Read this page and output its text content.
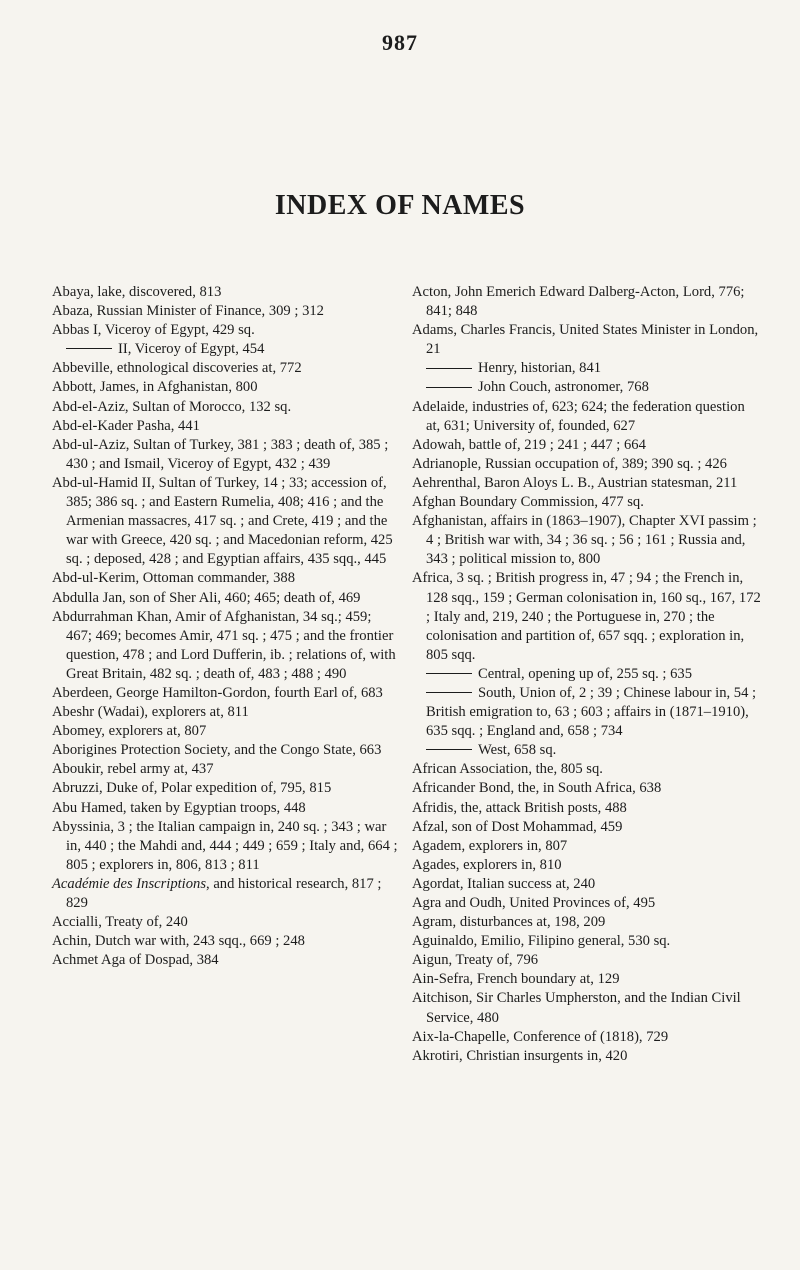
987
INDEX OF NAMES

Abaya, lake, discovered, 813

Abaza, Russian Minister of Finance, 309 ; 312

Abbas I, Viceroy of Egypt, 429 sq.

II, Viceroy of Egypt, 454

Abbeville, ethnological discoveries at, 772

Abbott, James, in Afghanistan, 800

Abd-el-Aziz, Sultan of Morocco, 132 sq.

Abd-el-Kader Pasha, 441

Abd-ul-Aziz, Sultan of Turkey, 381 ; 383 ; death of, 385 ; 430 ; and Ismail, Viceroy of Egypt, 432 ; 439

Abd-ul-Hamid II, Sultan of Turkey, 14 ; 33; accession of, 385; 386 sq. ; and Eastern Rumelia, 408; 416 ; and the Armenian massacres, 417 sq. ; and Crete, 419 ; and the war with Greece, 420 sq. ; and Macedonian reform, 425 sq. ; deposed, 428 ; and Egyptian affairs, 435 sqq., 445

Abd-ul-Kerim, Ottoman commander, 388

Abdulla Jan, son of Sher Ali, 460; 465; death of, 469

Abdurrahman Khan, Amir of Afghanistan, 34 sq.; 459; 467; 469; becomes Amir, 471 sq. ; 475 ; and the frontier question, 478 ; and Lord Dufferin, ib. ; relations of, with Great Britain, 482 sq. ; death of, 483 ; 488 ; 490

Aberdeen, George Hamilton-Gordon, fourth Earl of, 683

Abeshr (Wadai), explorers at, 811

Abomey, explorers at, 807

Aborigines Protection Society, and the Congo State, 663

Aboukir, rebel army at, 437

Abruzzi, Duke of, Polar expedition of, 795, 815

Abu Hamed, taken by Egyptian troops, 448

Abyssinia, 3 ; the Italian campaign in, 240 sq. ; 343 ; war in, 440 ; the Mahdi and, 444 ; 449 ; 659 ; Italy and, 664 ; 805 ; explorers in, 806, 813 ; 811

Académie des Inscriptions, and historical research, 817 ; 829

Accialli, Treaty of, 240

Achin, Dutch war with, 243 sqq., 669 ; 248

Achmet Aga of Dospad, 384

Acton, John Emerich Edward Dalberg-Acton, Lord, 776; 841; 848

Adams, Charles Francis, United States Minister in London, 21

Henry, historian, 841

John Couch, astronomer, 768

Adelaide, industries of, 623; 624; the federation question at, 631; University of, founded, 627

Adowah, battle of, 219 ; 241 ; 447 ; 664

Adrianople, Russian occupation of, 389; 390 sq. ; 426

Aehrenthal, Baron Aloys L. B., Austrian statesman, 211

Afghan Boundary Commission, 477 sq.

Afghanistan, affairs in (1863–1907), Chapter XVI passim ; 4 ; British war with, 34 ; 36 sq. ; 56 ; 161 ; Russia and, 343 ; political mission to, 800

Africa, 3 sq. ; British progress in, 47 ; 94 ; the French in, 128 sqq., 159 ; German colonisation in, 160 sq., 167, 172 ; Italy and, 219, 240 ; the Portuguese in, 270 ; the colonisation and partition of, 657 sqq. ; exploration in, 805 sqq.

Central, opening up of, 255 sq. ; 635

South, Union of, 2 ; 39 ; Chinese labour in, 54 ; British emigration to, 63 ; 603 ; affairs in (1871–1910), 635 sqq. ; England and, 658 ; 734

West, 658 sq.

African Association, the, 805 sq.

Africander Bond, the, in South Africa, 638

Afridis, the, attack British posts, 488

Afzal, son of Dost Mohammad, 459

Agadem, explorers in, 807

Agades, explorers in, 810

Agordat, Italian success at, 240

Agra and Oudh, United Provinces of, 495

Agram, disturbances at, 198, 209

Aguinaldo, Emilio, Filipino general, 530 sq.

Aigun, Treaty of, 796

Ain-Sefra, French boundary at, 129

Aitchison, Sir Charles Umpherston, and the Indian Civil Service, 480

Aix-la-Chapelle, Conference of (1818), 729

Akrotiri, Christian insurgents in, 420
